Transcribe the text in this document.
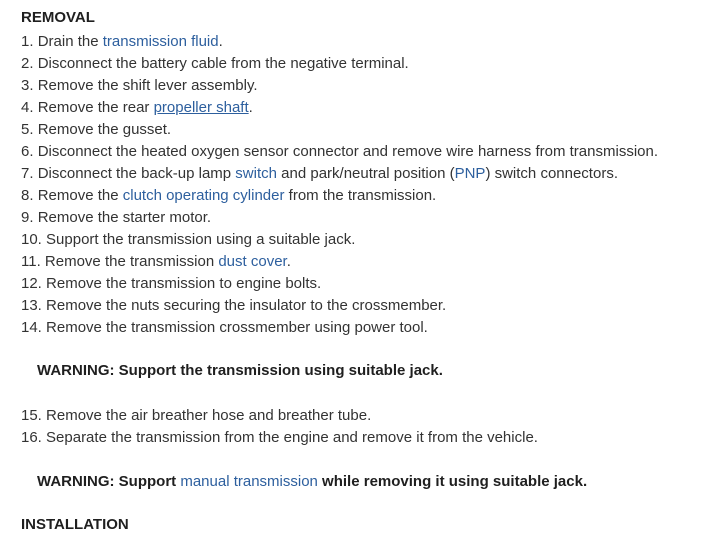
REMOVAL
1. Drain the transmission fluid.
2. Disconnect the battery cable from the negative terminal.
3. Remove the shift lever assembly.
4. Remove the rear propeller shaft.
5. Remove the gusset.
6. Disconnect the heated oxygen sensor connector and remove wire harness from transmission.
7. Disconnect the back-up lamp switch and park/neutral position (PNP) switch connectors.
8. Remove the clutch operating cylinder from the transmission.
9. Remove the starter motor.
10. Support the transmission using a suitable jack.
11. Remove the transmission dust cover.
12. Remove the transmission to engine bolts.
13. Remove the nuts securing the insulator to the crossmember.
14. Remove the transmission crossmember using power tool.
WARNING: Support the transmission using suitable jack.
15. Remove the air breather hose and breather tube.
16. Separate the transmission from the engine and remove it from the vehicle.
WARNING: Support manual transmission while removing it using suitable jack.
INSTALLATION
